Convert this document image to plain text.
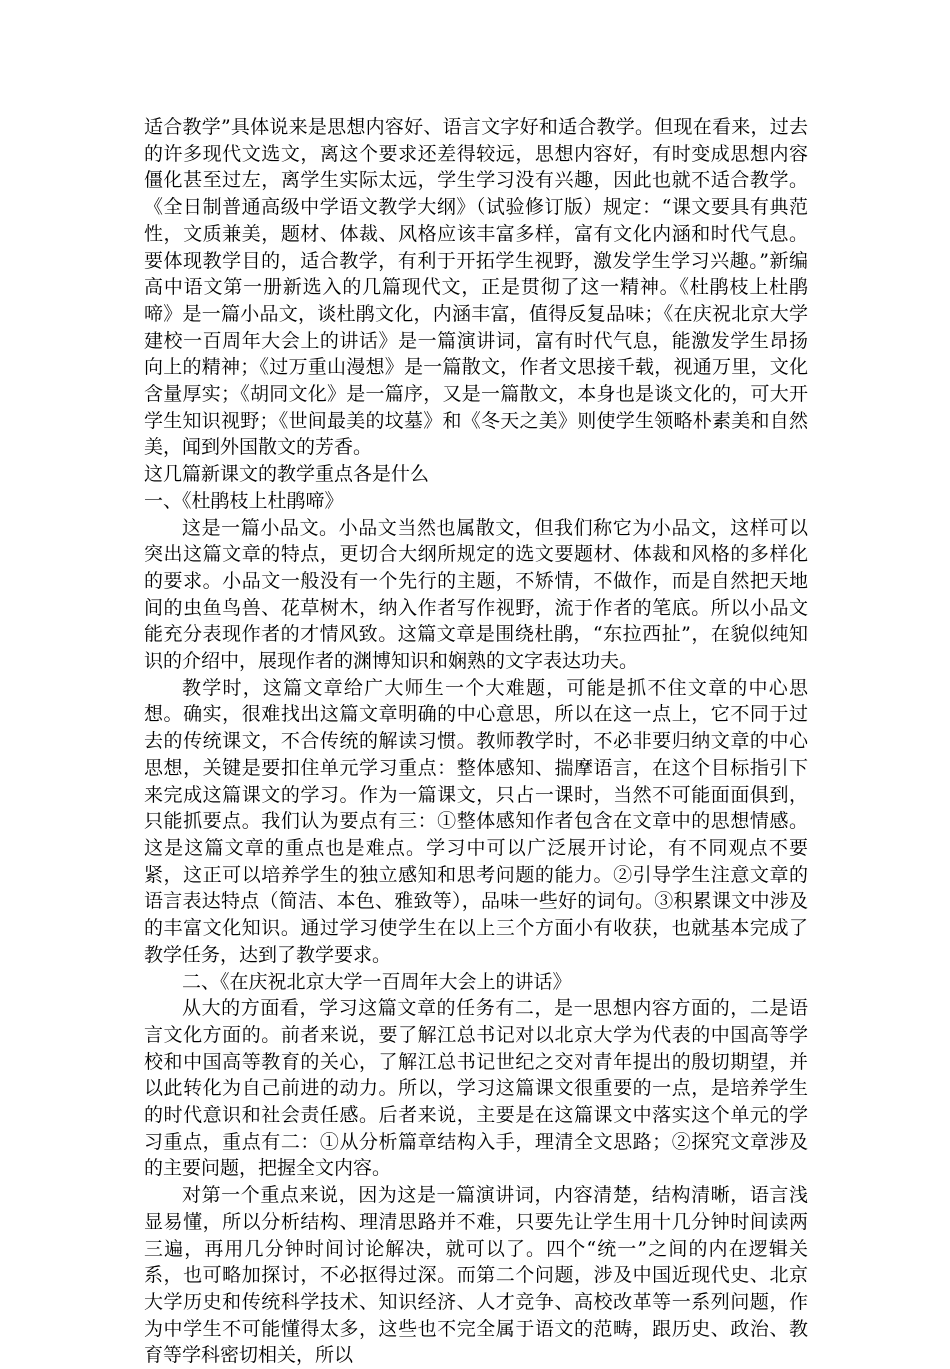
适合教学”具体说来是思想内容好、语言文字好和适合教学。但现在看来，过去的许多现代文选文，离这个要求还差得较远，思想内容好，有时变成思想内容僵化甚至过左，离学生实际太远，学生学习没有兴趣，因此也就不适合教学。《全日制普通高级中学语文教学大纲》（试验修订版）规定：“课文要具有典范性，文质兼美，题材、体裁、风格应该丰富多样，富有文化内涵和时代气息。要体现教学目的，适合教学，有利于开拓学生视野，激发学生学习兴趣。”新编高中语文第一册新选入的几篇现代文，正是贯彻了这一精神。《杜鹃枝上杜鹃啼》是一篇小品文，谈杜鹃文化，内涵丰富，值得反复品味；《在庆祝北京大学建校一百周年大会上的讲话》是一篇演讲词，富有时代气息，能激发学生昂扬向上的精神；《过万重山漫想》是一篇散文，作者文思接千载，视通万里，文化含量厚实；《胡同文化》是一篇序，又是一篇散文，本身也是谈文化的，可大开学生知识视野；《世间最美的坟墓》和《冬天之美》则使学生领略朴素美和自然美，闻到外国散文的芳香。

这几篇新课文的教学重点各是什么

一、《杜鹃枝上杜鹃啼》

这是一篇小品文。小品文当然也属散文，但我们称它为小品文，这样可以突出这篇文章的特点，更切合大纲所规定的选文要题材、体裁和风格的多样化的要求。小品文一般没有一个先行的主题，不矫情，不做作，而是自然把天地间的虫鱼鸟兽、花草树木，纳入作者写作视野，流于作者的笔底。所以小品文能充分表现作者的才情风致。这篇文章是围绕杜鹃，“东拉西扯”，在貌似纯知识的介绍中，展现作者的渊博知识和娴熟的文字表达功夫。

教学时，这篇文章给广大师生一个大难题，可能是抓不住文章的中心思想。确实，很难找出这篇文章明确的中心意思，所以在这一点上，它不同于过去的传统课文，不合传统的解读习惯。教师教学时，不必非要归纳文章的中心思想，关键是要扣住单元学习重点：整体感知、揣摩语言，在这个目标指引下来完成这篇课文的学习。作为一篇课文，只占一课时，当然不可能面面俱到，只能抓要点。我们认为要点有三：①整体感知作者包含在文章中的思想情感。这是这篇文章的重点也是难点。学习中可以广泛展开讨论，有不同观点不要紧，这正可以培养学生的独立感知和思考问题的能力。②引导学生注意文章的语言表达特点（简洁、本色、雅致等），品味一些好的词句。③积累课文中涉及的丰富文化知识。通过学习使学生在以上三个方面小有收获，也就基本完成了教学任务，达到了教学要求。

二、《在庆祝北京大学一百周年大会上的讲话》

从大的方面看，学习这篇文章的任务有二，是一思想内容方面的，二是语言文化方面的。前者来说，要了解江总书记对以北京大学为代表的中国高等学校和中国高等教育的关心，了解江总书记世纪之交对青年提出的殷切期望，并以此转化为自己前进的动力。所以，学习这篇课文很重要的一点，是培养学生的时代意识和社会责任感。后者来说，主要是在这篇课文中落实这个单元的学习重点，重点有二：①从分析篇章结构入手，理清全文思路；②探究文章涉及的主要问题，把握全文内容。

对第一个重点来说，因为这是一篇演讲词，内容清楚，结构清晰，语言浅显易懂，所以分析结构、理清思路并不难，只要先让学生用十几分钟时间读两三遍，再用几分钟时间讨论解决，就可以了。四个“统一”之间的内在逻辑关系，也可略加探讨，不必抠得过深。而第二个问题，涉及中国近现代史、北京大学历史和传统科学技术、知识经济、人才竞争、高校改革等一系列问题，作为中学生不可能懂得太多，这些也不完全属于语文的范畴，跟历史、政治、教育等学科密切相关，所以
